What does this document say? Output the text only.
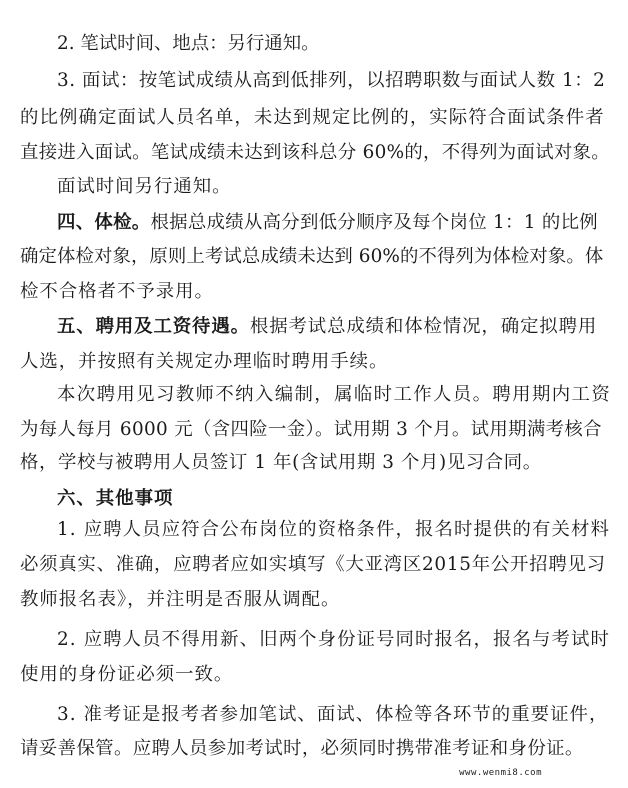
2. 笔试时间、地点：另行通知。
3. 面试：按笔试成绩从高到低排列，以招聘职数与面试人数 1：2
的比例确定面试人员名单，未达到规定比例的，实际符合面试条件者
直接进入面试。笔试成绩未达到该科总分 60%的，不得列为面试对象。
面试时间另行通知。
四、体检。根据总成绩从高分到低分顺序及每个岗位 1：1 的比例
确定体检对象，原则上考试总成绩未达到 60%的不得列为体检对象。体
检不合格者不予录用。
五、聘用及工资待遇。根据考试总成绩和体检情况，确定拟聘用
人选，并按照有关规定办理临时聘用手续。
本次聘用见习教师不纳入编制，属临时工作人员。聘用期内工资
为每人每月 6000 元（含四险一金）。试用期 3 个月。试用期满考核合
格，学校与被聘用人员签订 1 年(含试用期 3 个月)见习合同。
六、其他事项
1. 应聘人员应符合公布岗位的资格条件，报名时提供的有关材料
必须真实、准确，应聘者应如实填写《大亚湾区2015年公开招聘见习
教师报名表》，并注明是否服从调配。
2. 应聘人员不得用新、旧两个身份证号同时报名，报名与考试时
使用的身份证必须一致。
3. 准考证是报考者参加笔试、面试、体检等各环节的重要证件，
请妥善保管。应聘人员参加考试时，必须同时携带准考证和身份证。
www.wenmi8.com
